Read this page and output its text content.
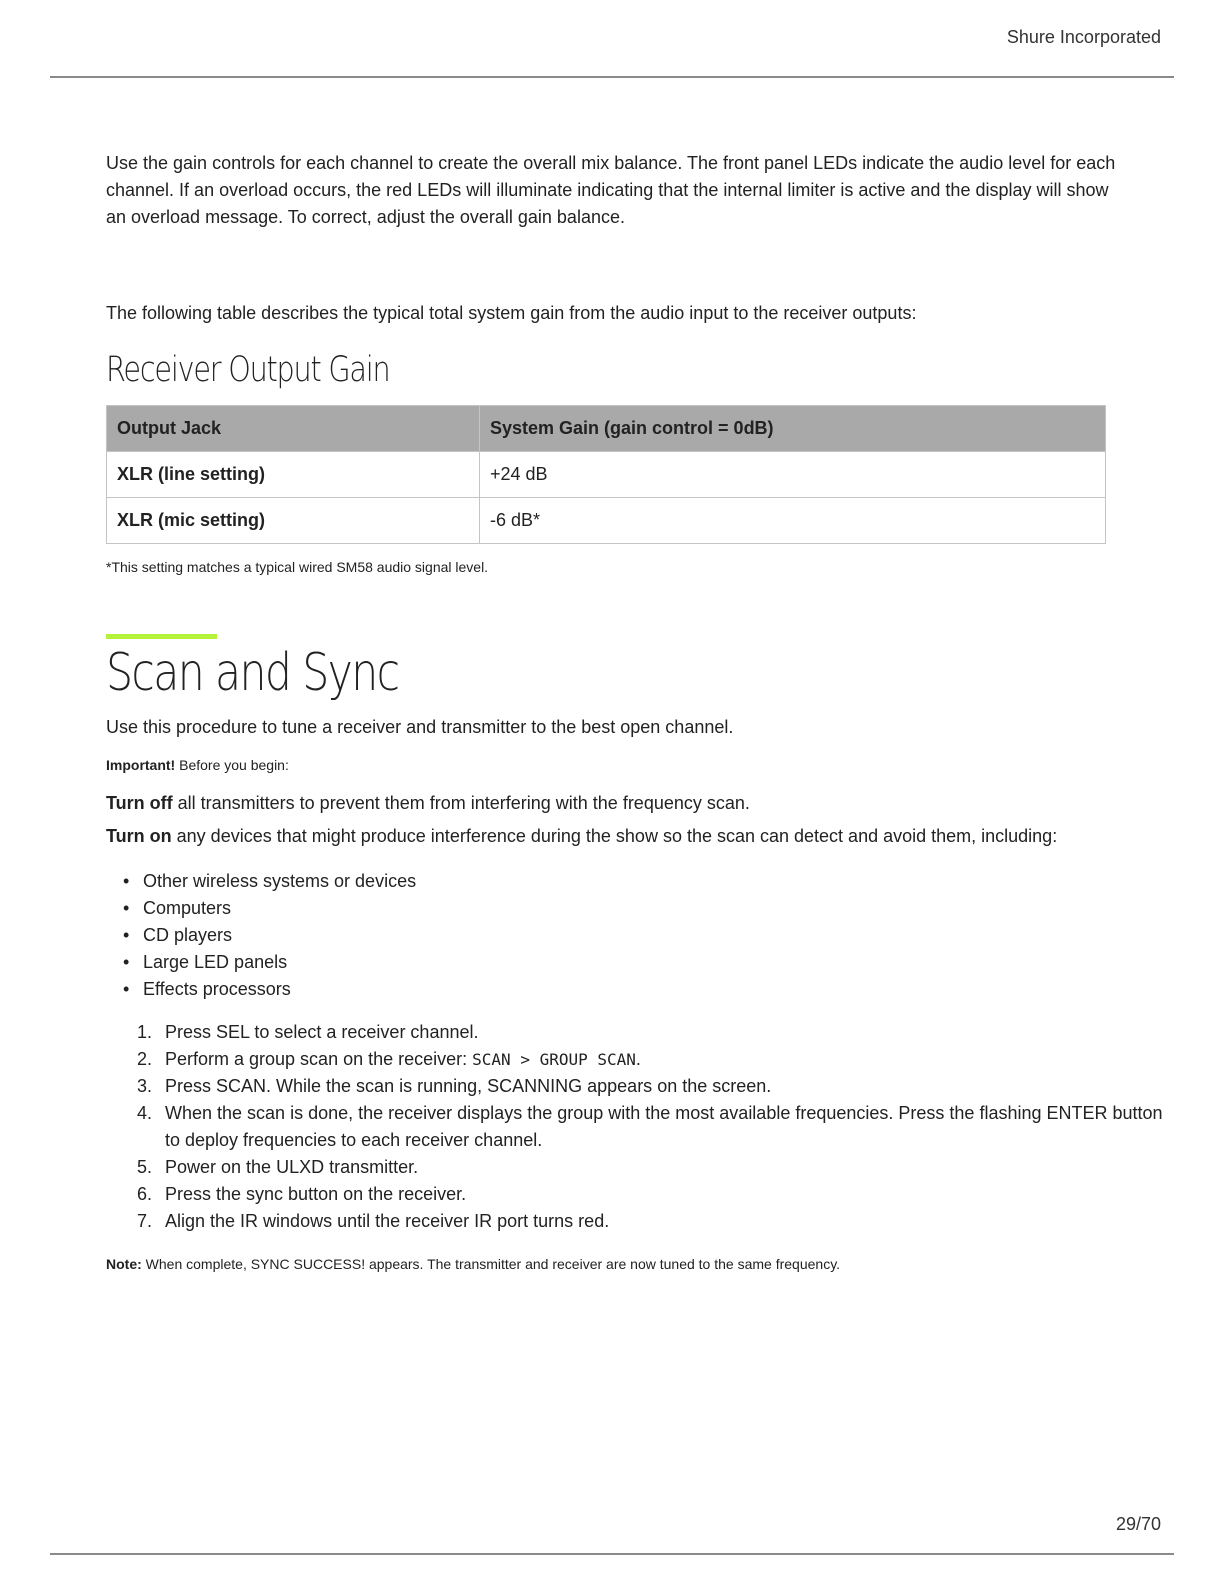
Shure Incorporated

Use the gain controls for each channel to create the overall mix balance. The front panel LEDs indicate the audio level for each channel. If an overload occurs, the red LEDs will illuminate indicating that the internal limiter is active and the display will show an overload message. To correct, adjust the overall gain balance.

The following table describes the typical total system gain from the audio input to the receiver outputs:

Receiver Output Gain
Output Jack	System Gain (gain control = 0dB)
XLR (line setting)	+24 dB
XLR (mic setting)	-6 dB*

*This setting matches a typical wired SM58 audio signal level.

Scan and Sync

Use this procedure to tune a receiver and transmitter to the best open channel.

Important! Before you begin:

Turn off all transmitters to prevent them from interfering with the frequency scan.

Turn on any devices that might produce interference during the show so the scan can detect and avoid them, including:

• Other wireless systems or devices
• Computers
• CD players
• Large LED panels
• Effects processors
1. Press SEL to select a receiver channel.
2. Perform a group scan on the receiver: SCAN > GROUP SCAN.
3. Press SCAN. While the scan is running, SCANNING appears on the screen.
4. When the scan is done, the receiver displays the group with the most available frequencies. Press the flashing ENTER button to deploy frequencies to each receiver channel.
5. Power on the ULXD transmitter.
6. Press the sync button on the receiver.
7. Align the IR windows until the receiver IR port turns red.

Note: When complete, SYNC SUCCESS! appears. The transmitter and receiver are now tuned to the same frequency.

29/70
